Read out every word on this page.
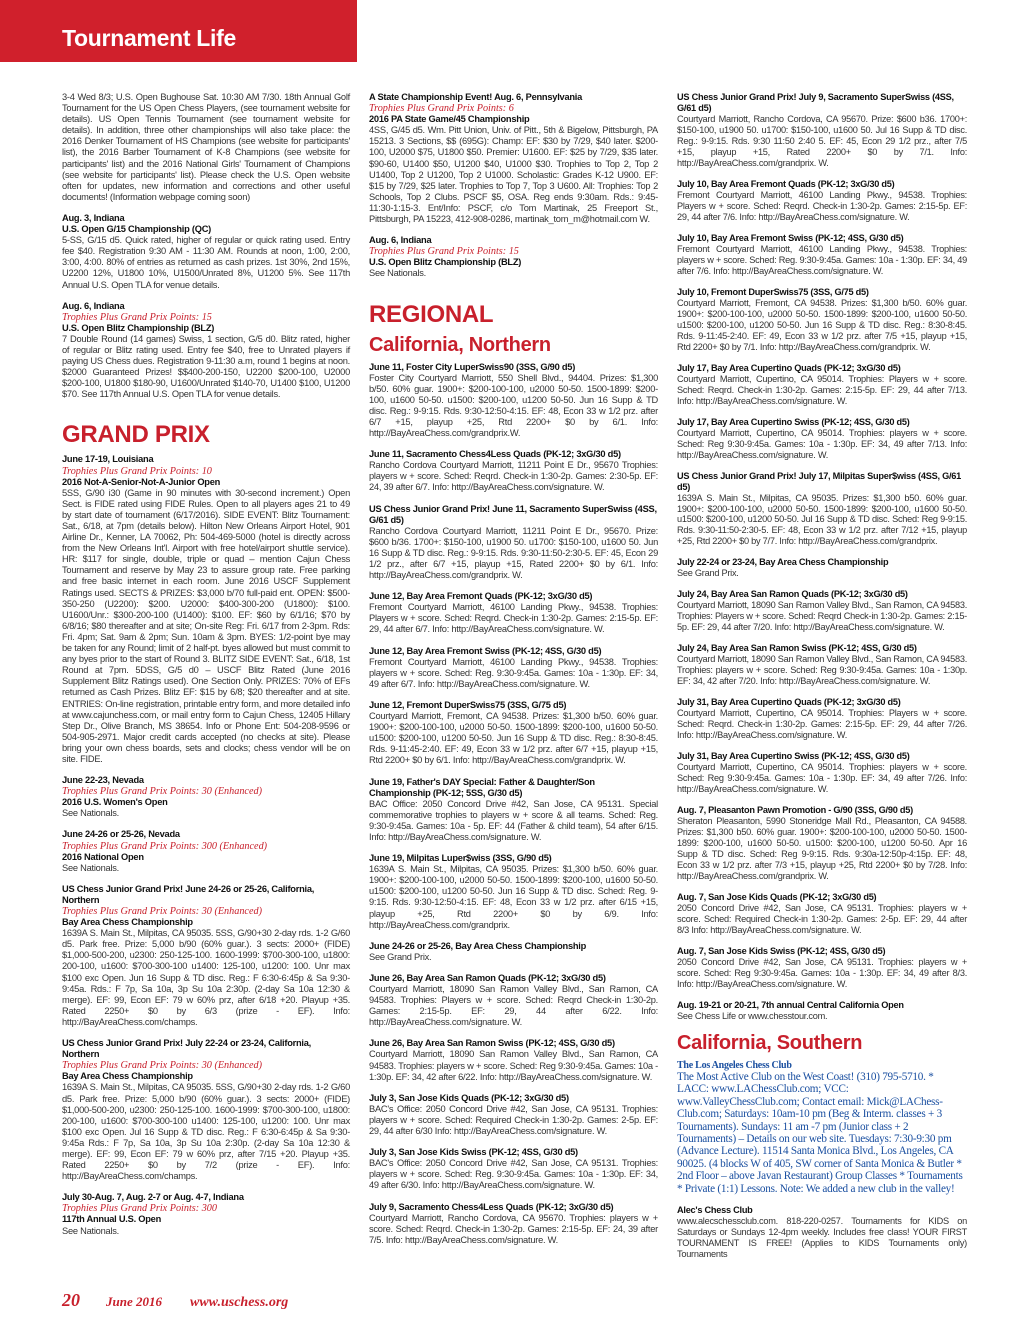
Tournament Life
3-4 Wed 8/3; U.S. Open Bughouse Sat. 10:30 AM 7/30. 18th Annual Golf Tournament for the US Open Chess Players, (see tournament website for details). US Open Tennis Tournament (see tournament website for details). In addition, three other championships will also take place: the 2016 Denker Tournament of HS Champions (see website for participants' list), the 2016 Barber Tournament of K-8 Champions (see website for participants' list) and the 2016 National Girls' Tournament of Champions (see website for participants' list). Please check the U.S. Open website often for updates, new information and corrections and other useful documents! (Information webpage coming soon)
Aug. 3, Indiana
U.S. Open G/15 Championship (QC)
5-SS, G/15 d5. Quick rated, higher of regular or quick rating used. Entry fee $40. Registration 9:30 AM - 11:30 AM. Rounds at noon, 1:00, 2:00, 3:00, 4:00. 80% of entries as returned as cash prizes. 1st 30%, 2nd 15%, U2200 12%, U1800 10%, U1500/Unrated 8%, U1200 5%. See 117th Annual U.S. Open TLA for venue details.
Aug. 6, Indiana
Trophies Plus Grand Prix Points: 15
U.S. Open Blitz Championship (BLZ)
7 Double Round (14 games) Swiss, 1 section, G/5 d0. Blitz rated, higher of regular or Blitz rating used. Entry fee $40, free to Unrated players if paying US Chess dues. Registration 9-11:30 a.m, round 1 begins at noon. $2000 Guaranteed Prizes! $$400-200-150, U2200 $200-100, U2000 $200-100, U1800 $180-90, U1600/Unrated $140-70, U1400 $100, U1200 $70. See 117th Annual U.S. Open TLA for venue details.
GRAND PRIX
June 17-19, Louisiana
Trophies Plus Grand Prix Points: 10
2016 Not-A-Senior-Not-A-Junior Open
5SS, G/90 i30 (Game in 90 minutes with 30-second increment.) Open Sect. is FIDE rated using FIDE Rules. Open to all players ages 21 to 49 by start date of tournament (6/17/2016). SIDE EVENT: Blitz Tournament: Sat., 6/18, at 7pm (details below). Hilton New Orleans Airport Hotel, 901 Airline Dr., Kenner, LA 70062, Ph: 504-469-5000 (hotel is directly across from the New Orleans Int'l. Airport with free hotel/airport shuttle service). HR: $117 for single, double, triple or quad – mention Cajun Chess Tournament and reserve by May 23 to assure group rate. Free parking and free basic internet in each room. June 2016 USCF Supplement Ratings used. SECTS & PRIZES: $3,000 b/70 full-paid ent. OPEN: $500-350-250 (U2200): $200. U2000: $400-300-200 (U1800): $100. U1600/Unr.: $300-200-100 (U1400): $100. EF: $60 by 6/1/16; $70 by 6/8/16; $80 thereafter and at site; On-site Reg: Fri. 6/17 from 2-3pm. Rds: Fri. 4pm; Sat. 9am & 2pm; Sun. 10am & 3pm. BYES: 1/2-point bye may be taken for any Round; limit of 2 half-pt. byes allowed but must commit to any byes prior to the start of Round 3. BLITZ SIDE EVENT: Sat., 6/18, 1st Round at 7pm. 5DSS, G/5 d0 – USCF Blitz Rated (June 2016 Supplement Blitz Ratings used). One Section Only. PRIZES: 70% of EFs returned as Cash Prizes. Blitz EF: $15 by 6/8; $20 thereafter and at site. ENTRIES: On-line registration, printable entry form, and more detailed info at www.cajunchess.com, or mail entry form to Cajun Chess, 12405 Hillary Step Dr., Olive Branch, MS 38654. Info or Phone Ent: 504-208-9596 or 504-905-2971. Major credit cards accepted (no checks at site). Please bring your own chess boards, sets and clocks; chess vendor will be on site. FIDE.
June 22-23, Nevada
Trophies Plus Grand Prix Points: 30 (Enhanced)
2016 U.S. Women's Open
See Nationals.
June 24-26 or 25-26, Nevada
Trophies Plus Grand Prix Points: 300 (Enhanced)
2016 National Open
See Nationals.
US Chess Junior Grand Prix! June 24-26 or 25-26, California, Northern
Trophies Plus Grand Prix Points: 30 (Enhanced)
Bay Area Chess Championship
1639A S. Main St., Milpitas, CA 95035. 5SS, G/90+30 2-day rds. 1-2 G/60 d5. Park free. Prize: 5,000 b/90 (60% guar.). 3 sects: 2000+ (FIDE) $1,000-500-200, u2300: 250-125-100. 1600-1999: $700-300-100, u1800: 200-100, u1600: $700-300-100 u1400: 125-100, u1200: 100. Unr max $100 exc Open. Jun 16 Supp & TD disc. Reg.: F 6:30-6:45p & Sa 9:30-9:45a. Rds.: F 7p, Sa 10a, 3p Su 10a 2:30p. (2-day Sa 10a 12:30 & merge). EF: 99, Econ EF: 79 w 60% prz, after 6/18 +20. Playup +35. Rated 2250+ $0 by 6/3 (prize - EF). Info: http://BayAreaChess.com/champs.
US Chess Junior Grand Prix! July 22-24 or 23-24, California, Northern
Trophies Plus Grand Prix Points: 30 (Enhanced)
Bay Area Chess Championship
1639A S. Main St., Milpitas, CA 95035. 5SS, G/90+30 2-day rds. 1-2 G/60 d5. Park free. Prize: 5,000 b/90 (60% guar.). 3 sects: 2000+ (FIDE) $1,000-500-200, u2300: 250-125-100. 1600-1999: $700-300-100, u1800: 200-100, u1600: $700-300-100 u1400: 125-100, u1200: 100. Unr max $100 exc Open. Jul 16 Supp & TD disc. Reg.: F 6:30-6:45p & Sa 9:30-9:45a Rds.: F 7p, Sa 10a, 3p Su 10a 2:30p. (2-day Sa 10a 12:30 & merge). EF: 99, Econ EF: 79 w 60% prz, after 7/15 +20. Playup +35. Rated 2250+ $0 by 7/2 (prize - EF). Info: http://BayAreaChess.com/champs.
July 30-Aug. 7, Aug. 2-7 or Aug. 4-7, Indiana
Trophies Plus Grand Prix Points: 300
117th Annual U.S. Open
See Nationals.
A State Championship Event! Aug. 6, Pennsylvania
Trophies Plus Grand Prix Points: 6
2016 PA State Game/45 Championship
4SS, G/45 d5. Wm. Pitt Union, Univ. of Pitt., 5th & Bigelow, Pittsburgh, PA 15213. 3 Sections, $$ (695G): Champ: EF: $30 by 7/29, $40 later. $200-100, U2000 $75, U1800 $50. Premier: U1600. EF: $25 by 7/29, $35 later. $90-60, U1400 $50, U1200 $40, U1000 $30. Trophies to Top 2, Top 2 U1400, Top 2 U1200, Top 2 U1000. Scholastic: Grades K-12 U900. EF: $15 by 7/29, $25 later. Trophies to Top 7, Top 3 U600. All: Trophies: Top 2 Schools, Top 2 Clubs. PSCF $5, OSA. Reg ends 9:30am. Rds.: 9:45-11:30-1:15-3. Ent/Info: PSCF, c/o Tom Martinak, 25 Freeport St., Pittsburgh, PA 15223, 412-908-0286, martinak_tom_m@hotmail.com W.
Aug. 6, Indiana
Trophies Plus Grand Prix Points: 15
U.S. Open Blitz Championship (BLZ)
See Nationals.
REGIONAL
California, Northern
June 11, Foster City LuperSwiss90 (3SS, G/90 d5)
Foster City Courtyard Marriott, 550 Shell Blvd., 94404. Prizes: $1,300 b/50. 60% guar. 1900+: $200-100-100, u2000 50-50. 1500-1899: $200-100, u1600 50-50. u1500: $200-100, u1200 50-50. Jun 16 Supp & TD disc. Reg.: 9-9:15. Rds. 9:30-12:50-4:15. EF: 48, Econ 33 w 1/2 prz. after 6/7 +15, playup +25, Rtd 2200+ $0 by 6/1. Info: http://BayAreaChess.com/grandprix.W.
June 11, Sacramento Chess4Less Quads (PK-12; 3xG/30 d5)
Rancho Cordova Courtyard Marriott, 11211 Point E Dr., 95670 Trophies: players w + score. Sched: Reqrd. Check-in 1:30-2p. Games: 2:30-5p. EF: 24, 39 after 6/7. Info: http://BayAreaChess.com/signature. W.
US Chess Junior Grand Prix! June 11, Sacramento SuperSwiss (4SS, G/61 d5)
Rancho Cordova Courtyard Marriott, 11211 Point E Dr., 95670. Prize: $600 b/36. 1700+: $150-100, u1900 50. u1700: $150-100, u1600 50. Jun 16 Supp & TD disc. Reg.: 9-9:15. Rds. 9:30-11:50-2:30-5. EF: 45, Econ 29 1/2 prz., after 6/7 +15, playup +15, Rated 2200+ $0 by 6/1. Info: http://BayAreaChess.com/grandprix. W.
June 12, Bay Area Fremont Quads (PK-12; 3xG/30 d5)
Fremont Courtyard Marriott, 46100 Landing Pkwy., 94538. Trophies: Players w + score. Sched: Reqrd. Check-in 1:30-2p. Games: 2:15-5p. EF: 29, 44 after 6/7. Info: http://BayAreaChess.com/signature. W.
June 12, Bay Area Fremont Swiss (PK-12; 4SS, G/30 d5)
Fremont Courtyard Marriott, 46100 Landing Pkwy., 94538. Trophies: players w + score. Sched: Reg. 9:30-9:45a. Games: 10a - 1:30p. EF: 34, 49 after 6/7. Info: http://BayAreaChess.com/signature. W.
June 12, Fremont DuperSwiss75 (3SS, G/75 d5)
Courtyard Marriott, Fremont, CA 94538. Prizes: $1,300 b/50. 60% guar. 1900+: $200-100-100, u2000 50-50. 1500-1899: $200-100, u1600 50-50. u1500: $200-100, u1200 50-50. Jun 16 Supp & TD disc. Reg.: 8:30-8:45. Rds. 9-11:45-2:40. EF: 49, Econ 33 w 1/2 prz. after 6/7 +15, playup +15, Rtd 2200+ $0 by 6/1. Info: http://BayAreaChess.com/grandprix. W.
June 19, Father's DAY Special: Father & Daughter/Son Championship (PK-12; 5SS, G/30 d5)
BAC Office: 2050 Concord Drive #42, San Jose, CA 95131. Special commemorative trophies to players w + score & all teams. Sched: Reg. 9:30-9:45a. Games: 10a - 5p. EF: 44 (Father & child team), 54 after 6/15. Info: http://BayAreaChess.com/signature. W.
June 19, Milpitas Luper$wiss (3SS, G/90 d5)
1639A S. Main St., Milpitas, CA 95035. Prizes: $1,300 b/50. 60% guar. 1900+: $200-100-100, u2000 50-50. 1500-1899: $200-100, u1600 50-50. u1500: $200-100, u1200 50-50. Jun 16 Supp & TD disc. Sched: Reg. 9-9:15. Rds. 9:30-12:50-4:15. EF: 48, Econ 33 w 1/2 prz. after 6/15 +15, playup +25, Rtd 2200+ $0 by 6/9. Info: http://BayAreaChess.com/grandprix.
June 24-26 or 25-26, Bay Area Chess Championship
See Grand Prix.
June 26, Bay Area San Ramon Quads (PK-12; 3xG/30 d5)
Courtyard Marriott, 18090 San Ramon Valley Blvd., San Ramon, CA 94583. Trophies: Players w + score. Sched: Reqrd Check-in 1:30-2p. Games: 2:15-5p. EF: 29, 44 after 6/22. Info: http://BayAreaChess.com/signature. W.
June 26, Bay Area San Ramon Swiss (PK-12; 4SS, G/30 d5)
Courtyard Marriott, 18090 San Ramon Valley Blvd., San Ramon, CA 94583. Trophies: players w + score. Sched: Reg 9:30-9:45a. Games: 10a - 1:30p. EF: 34, 42 after 6/22. Info: http://BayAreaChess.com/signature. W.
July 3, San Jose Kids Quads (PK-12; 3xG/30 d5)
BAC's Office: 2050 Concord Drive #42, San Jose, CA 95131. Trophies: players w + score. Sched: Required Check-in 1:30-2p. Games: 2-5p. EF: 29, 44 after 6/30 Info: http://BayAreaChess.com/signature. W.
July 3, San Jose Kids Swiss (PK-12; 4SS, G/30 d5)
BAC's Office: 2050 Concord Drive #42, San Jose, CA 95131. Trophies: players w + score. Sched: Reg. 9:30-9:45a. Games: 10a - 1:30p. EF: 34, 49 after 6/30. Info: http://BayAreaChess.com/signature. W.
July 9, Sacramento Chess4Less Quads (PK-12; 3xG/30 d5)
Courtyard Marriott, Rancho Cordova, CA 95670. Trophies: players w + score. Sched: Reqrd. Check-in 1:30-2p. Games: 2:15-5p. EF: 24, 39 after 7/5. Info: http://BayAreaChess.com/signature. W.
US Chess Junior Grand Prix! July 9, Sacramento SuperSwiss (4SS, G/61 d5)
Courtyard Marriott, Rancho Cordova, CA 95670. Prize: $600 b36. 1700+: $150-100, u1900 50. u1700: $150-100, u1600 50. Jul 16 Supp & TD disc. Reg.: 9-9:15. Rds. 9:30 11:50 2:40 5. EF: 45, Econ 29 1/2 prz., after 7/5 +15, playup +15, Rated 2200+ $0 by 7/1. Info: http://BayAreaChess.com/grandprix. W.
July 10, Bay Area Fremont Quads (PK-12; 3xG/30 d5)
Fremont Courtyard Marriott, 46100 Landing Pkwy., 94538. Trophies: Players w + score. Sched: Reqrd. Check-in 1:30-2p. Games: 2:15-5p. EF: 29, 44 after 7/6. Info: http://BayAreaChess.com/signature. W.
July 10, Bay Area Fremont Swiss (PK-12; 4SS, G/30 d5)
Fremont Courtyard Marriott, 46100 Landing Pkwy., 94538. Trophies: players w + score. Sched: Reg. 9:30-9:45a. Games: 10a - 1:30p. EF: 34, 49 after 7/6. Info: http://BayAreaChess.com/signature. W.
July 10, Fremont DuperSwiss75 (3SS, G/75 d5)
Courtyard Marriott, Fremont, CA 94538. Prizes: $1,300 b/50. 60% guar. 1900+: $200-100-100, u2000 50-50. 1500-1899: $200-100, u1600 50-50. u1500: $200-100, u1200 50-50. Jun 16 Supp & TD disc. Reg.: 8:30-8:45. Rds. 9-11:45-2:40. EF: 49, Econ 33 w 1/2 prz. after 7/5 +15, playup +15, Rtd 2200+ $0 by 7/1. Info: http://BayAreaChess.com/grandprix. W.
July 17, Bay Area Cupertino Quads (PK-12; 3xG/30 d5)
Courtyard Marriott, Cupertino, CA 95014. Trophies: Players w + score. Sched: Reqrd. Check-in 1:30-2p. Games: 2:15-5p. EF: 29, 44 after 7/13. Info: http://BayAreaChess.com/signature. W.
July 17, Bay Area Cupertino Swiss (PK-12; 4SS, G/30 d5)
Courtyard Marriott, Cupertino, CA 95014. Trophies: players w + score. Sched: Reg 9:30-9:45a. Games: 10a - 1:30p. EF: 34, 49 after 7/13. Info: http://BayAreaChess.com/signature. W.
US Chess Junior Grand Prix! July 17, Milpitas Super$wiss (4SS, G/61 d5)
1639A S. Main St., Milpitas, CA 95035. Prizes: $1,300 b50. 60% guar. 1900+: $200-100-100, u2000 50-50. 1500-1899: $200-100, u1600 50-50. u1500: $200-100, u1200 50-50. Jul 16 Supp & TD disc. Sched: Reg 9-9:15. Rds. 9:30-11:50-2:30-5. EF: 48, Econ 33 w 1/2 prz. after 7/12 +15, playup +25, Rtd 2200+ $0 by 7/7. Info: http://BayAreaChess.com/grandprix.
July 22-24 or 23-24, Bay Area Chess Championship
See Grand Prix.
July 24, Bay Area San Ramon Quads (PK-12; 3xG/30 d5)
Courtyard Marriott, 18090 San Ramon Valley Blvd., San Ramon, CA 94583. Trophies: Players w + score. Sched: Reqrd Check-in 1:30-2p. Games: 2:15-5p. EF: 29, 44 after 7/20. Info: http://BayAreaChess.com/signature. W.
July 24, Bay Area San Ramon Swiss (PK-12; 4SS, G/30 d5)
Courtyard Marriott, 18090 San Ramon Valley Blvd., San Ramon, CA 94583. Trophies: players w + score. Sched: Reg 9:30-9:45a. Games: 10a - 1:30p. EF: 34, 42 after 7/20. Info: http://BayAreaChess.com/signature. W.
July 31, Bay Area Cupertino Quads (PK-12; 3xG/30 d5)
Courtyard Marriott, Cupertino, CA 95014. Trophies: Players w + score. Sched: Reqrd. Check-in 1:30-2p. Games: 2:15-5p. EF: 29, 44 after 7/26. Info: http://BayAreaChess.com/signature. W.
July 31, Bay Area Cupertino Swiss (PK-12; 4SS, G/30 d5)
Courtyard Marriott, Cupertino, CA 95014. Trophies: players w + score. Sched: Reg 9:30-9:45a. Games: 10a - 1:30p. EF: 34, 49 after 7/26. Info: http://BayAreaChess.com/signature. W.
Aug. 7, Pleasanton Pawn Promotion - G/90 (3SS, G/90 d5)
Sheraton Pleasanton, 5990 Stoneridge Mall Rd., Pleasanton, CA 94588. Prizes: $1,300 b50. 60% guar. 1900+: $200-100-100, u2000 50-50. 1500-1899: $200-100, u1600 50-50. u1500: $200-100, u1200 50-50. Apr 16 Supp & TD disc. Sched: Reg 9-9:15. Rds. 9:30a-12:50p-4:15p. EF: 48, Econ 33 w 1/2 prz. after 7/3 +15, playup +25, Rtd 2200+ $0 by 7/28. Info: http://BayAreaChess.com/grandprix. W.
Aug. 7, San Jose Kids Quads (PK-12; 3xG/30 d5)
2050 Concord Drive #42, San Jose, CA 95131. Trophies: players w + score. Sched: Required Check-in 1:30-2p. Games: 2-5p. EF: 29, 44 after 8/3 Info: http://BayAreaChess.com/signature. W.
Aug. 7, San Jose Kids Swiss (PK-12; 4SS, G/30 d5)
2050 Concord Drive #42, San Jose, CA 95131. Trophies: players w + score. Sched: Reg 9:30-9:45a. Games: 10a - 1:30p. EF: 34, 49 after 8/3. Info: http://BayAreaChess.com/signature. W.
Aug. 19-21 or 20-21, 7th annual Central California Open
See Chess Life or www.chesstour.com.
California, Southern
The Los Angeles Chess Club
The Most Active Club on the West Coast! (310) 795-5710. * LACC: www.LAChessClub.com; VCC: www.ValleyChessClub.com; Contact email: Mick@LAChess-Club.com; Saturdays: 10am-10 pm (Beg & Interm. classes + 3 Tournaments). Sundays: 11 am -7 pm (Junior class + 2 Tournaments) – Details on our web site. Tuesdays: 7:30-9:30 pm (Advance Lecture). 11514 Santa Monica Blvd., Los Angeles, CA 90025. (4 blocks W of 405, SW corner of Santa Monica & Butler * 2nd Floor – above Javan Restaurant) Group Classes * Tournaments * Private (1:1) Lessons. Note: We added a new club in the valley!
Alec's Chess Club
www.alecschessclub.com. 818-220-0257. Tournaments for KIDS on Saturdays or Sundays 12-4pm weekly. Includes free class! YOUR FIRST TOURNAMENT IS FREE! (Applies to KIDS Tournaments only) Tournaments
20 June 2016 www.uschess.org
